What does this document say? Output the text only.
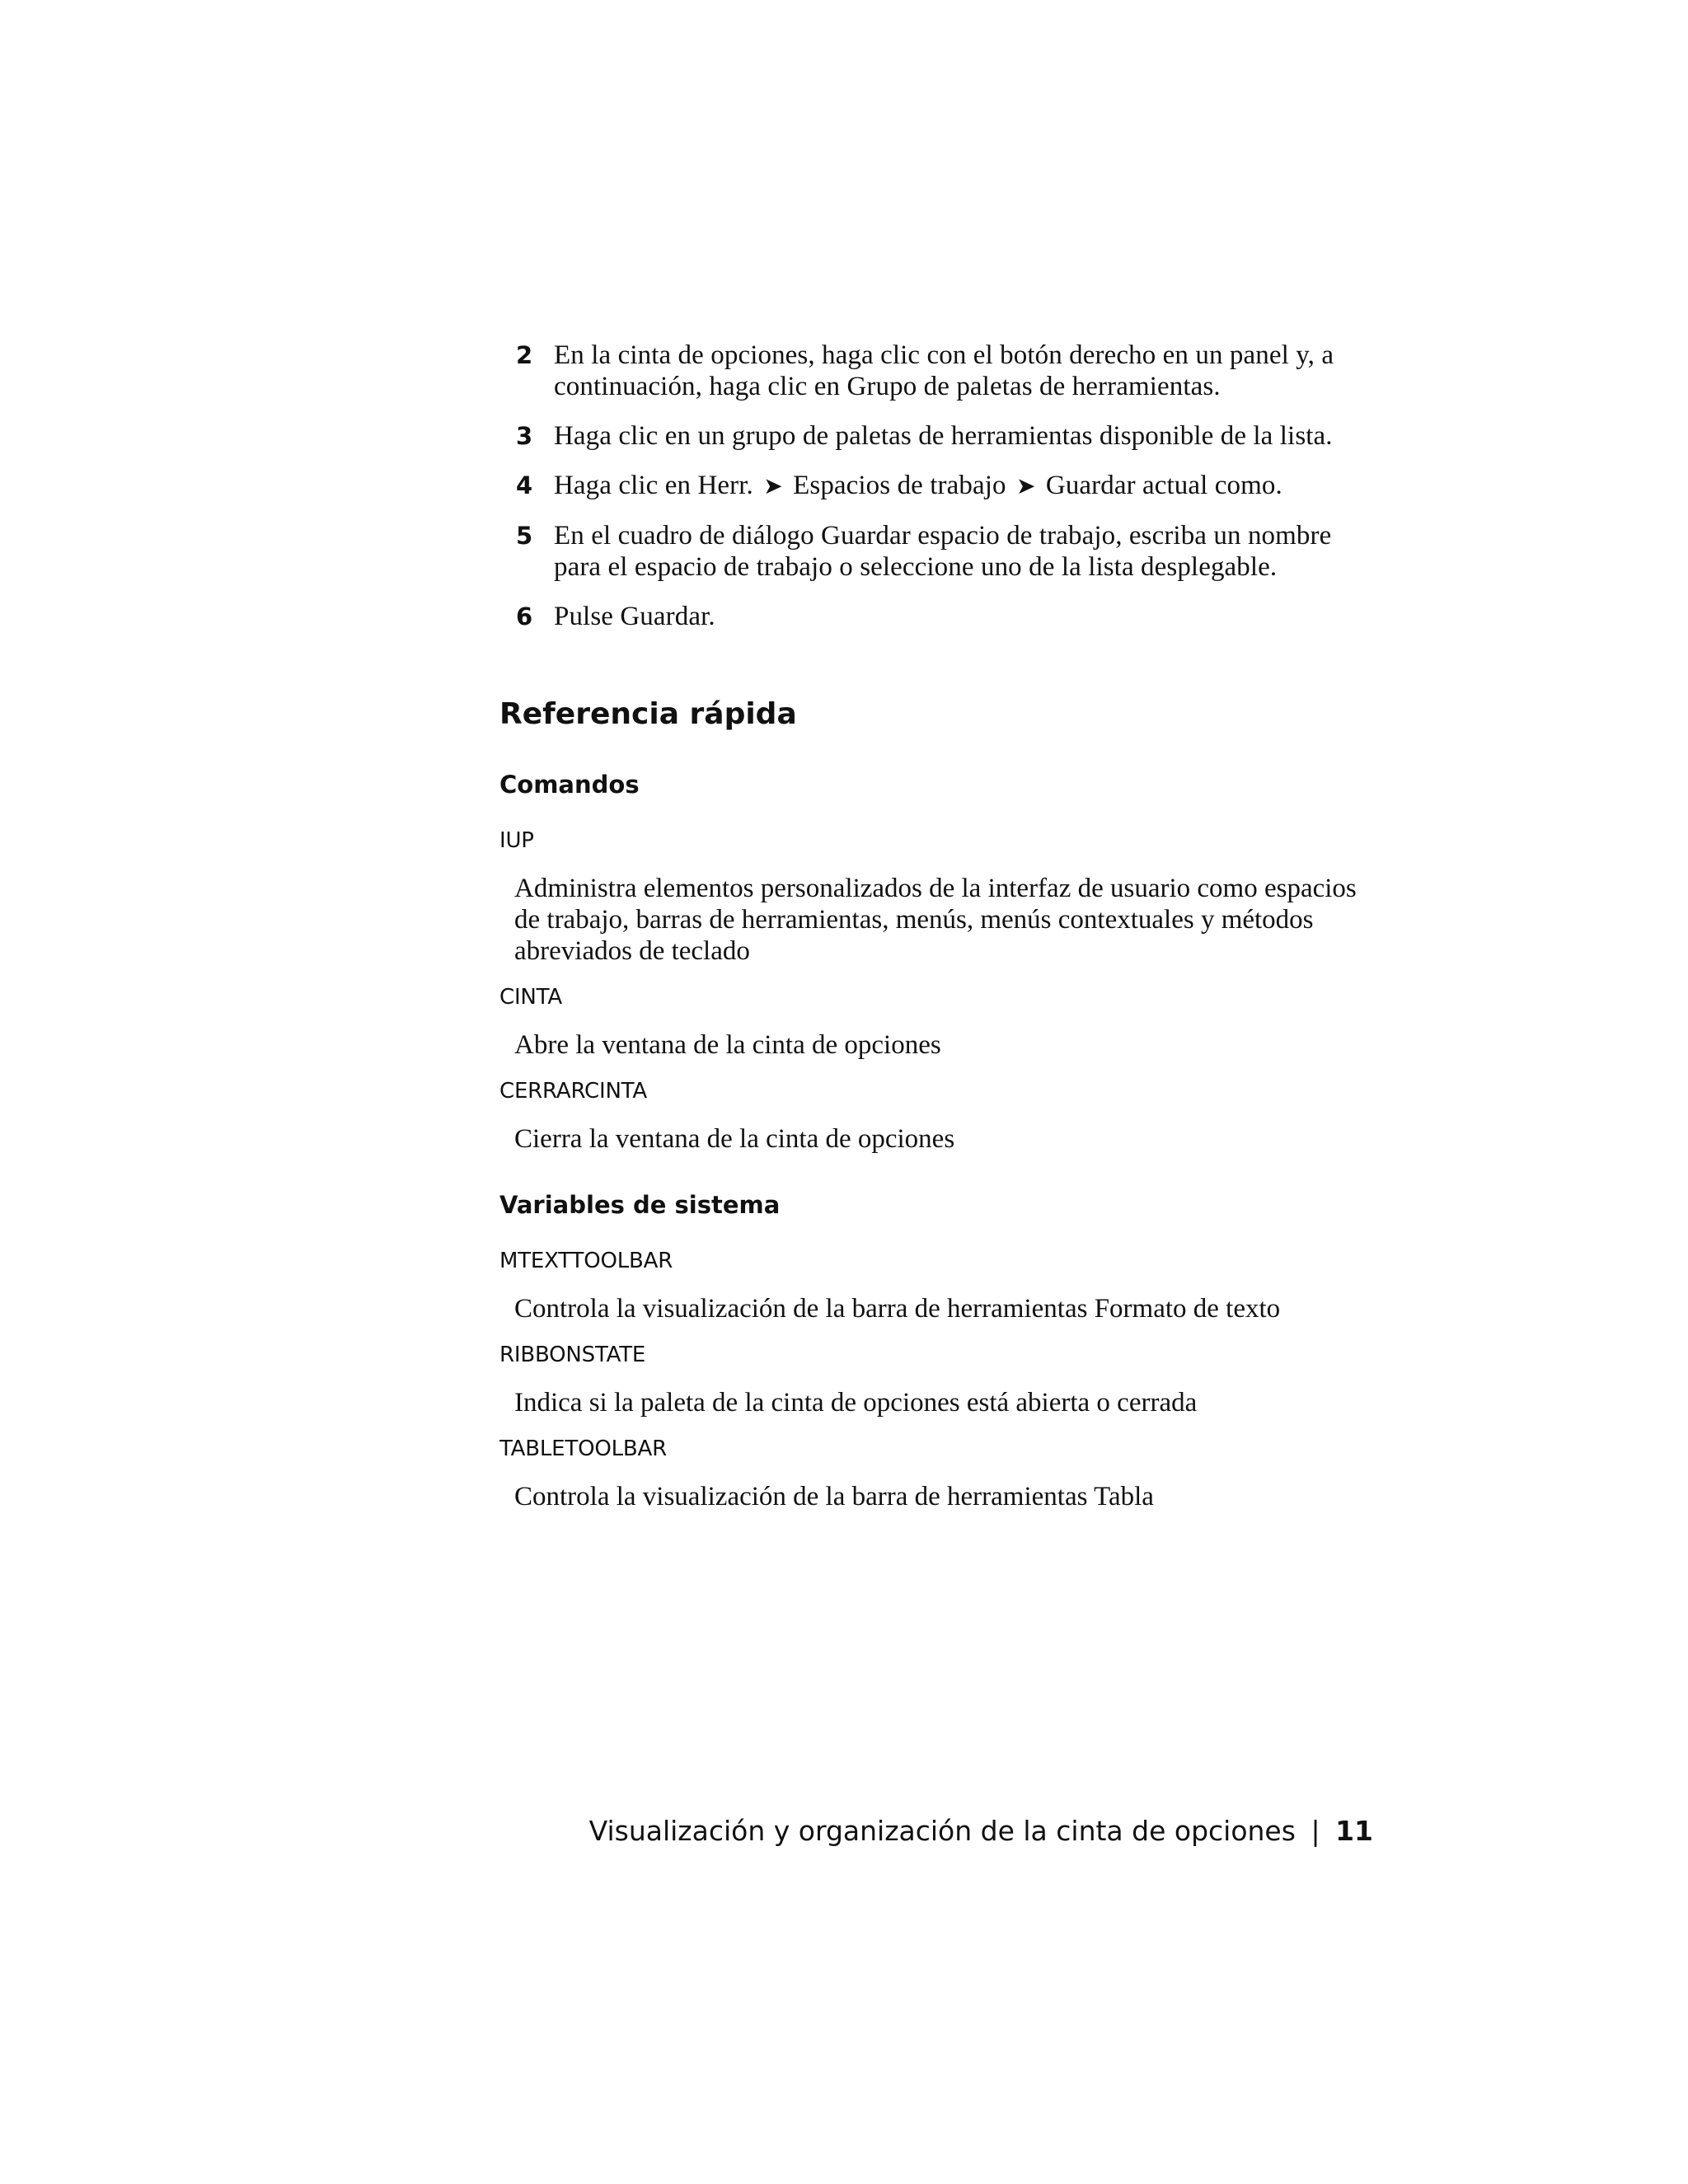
2 En la cinta de opciones, haga clic con el botón derecho en un panel y, a continuación, haga clic en Grupo de paletas de herramientas.
3 Haga clic en un grupo de paletas de herramientas disponible de la lista.
4 Haga clic en Herr. ➤ Espacios de trabajo ➤ Guardar actual como.
5 En el cuadro de diálogo Guardar espacio de trabajo, escriba un nombre para el espacio de trabajo o seleccione uno de la lista desplegable.
6 Pulse Guardar.
Referencia rápida
Comandos
IUP
Administra elementos personalizados de la interfaz de usuario como espacios de trabajo, barras de herramientas, menús, menús contextuales y métodos abreviados de teclado
CINTA
Abre la ventana de la cinta de opciones
CERRARCINTA
Cierra la ventana de la cinta de opciones
Variables de sistema
MTEXTTOOLBAR
Controla la visualización de la barra de herramientas Formato de texto
RIBBONSTATE
Indica si la paleta de la cinta de opciones está abierta o cerrada
TABLETOOLBAR
Controla la visualización de la barra de herramientas Tabla
Visualización y organización de la cinta de opciones | 11
